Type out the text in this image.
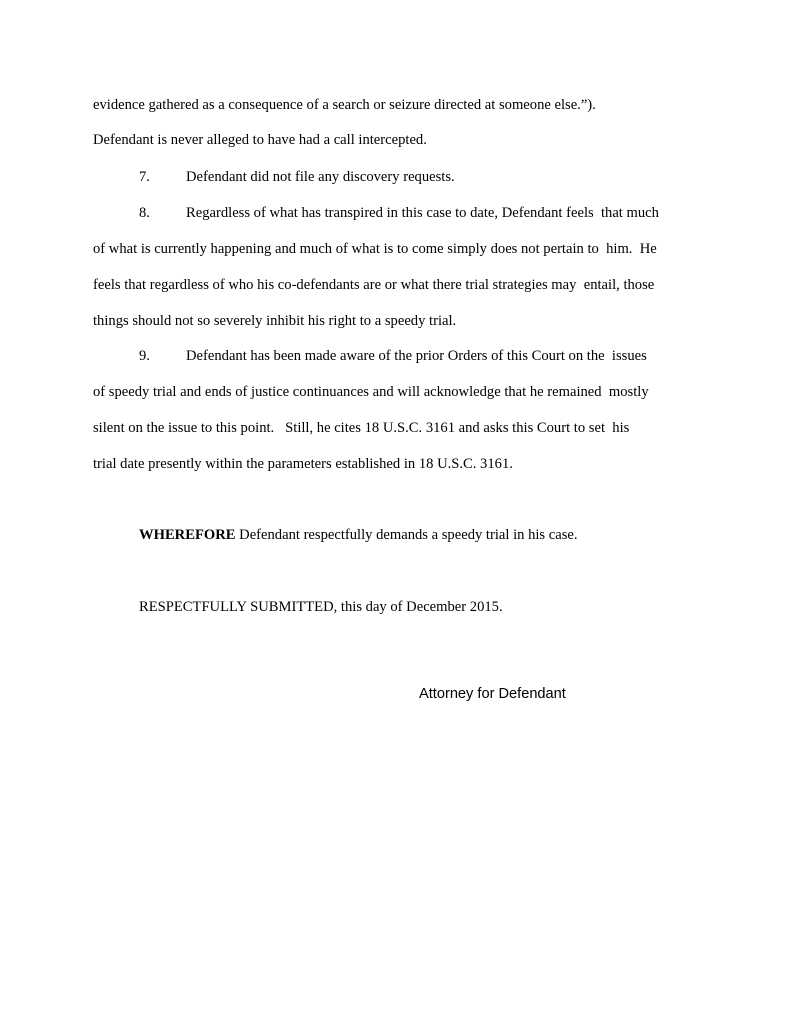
evidence gathered as a consequence of a search or seizure directed at someone else.”).
Defendant is never alleged to have had a call intercepted.
7. Defendant did not file any discovery requests.
8. Regardless of what has transpired in this case to date, Defendant feels  that much
of what is currently happening and much of what is to come simply does not pertain to  him.  He
feels that regardless of who his co-defendants are or what there trial strategies may  entail, those
things should not so severely inhibit his right to a speedy trial.
9. Defendant has been made aware of the prior Orders of this Court on the  issues
of speedy trial and ends of justice continuances and will acknowledge that he remained  mostly
silent on the issue to this point.   Still, he cites 18 U.S.C. 3161 and asks this Court to set  his
trial date presently within the parameters established in 18 U.S.C. 3161.
WHEREFORE Defendant respectfully demands a speedy trial in his case.
RESPECTFULLY SUBMITTED, this day of December 2015.
Attorney for Defendant
